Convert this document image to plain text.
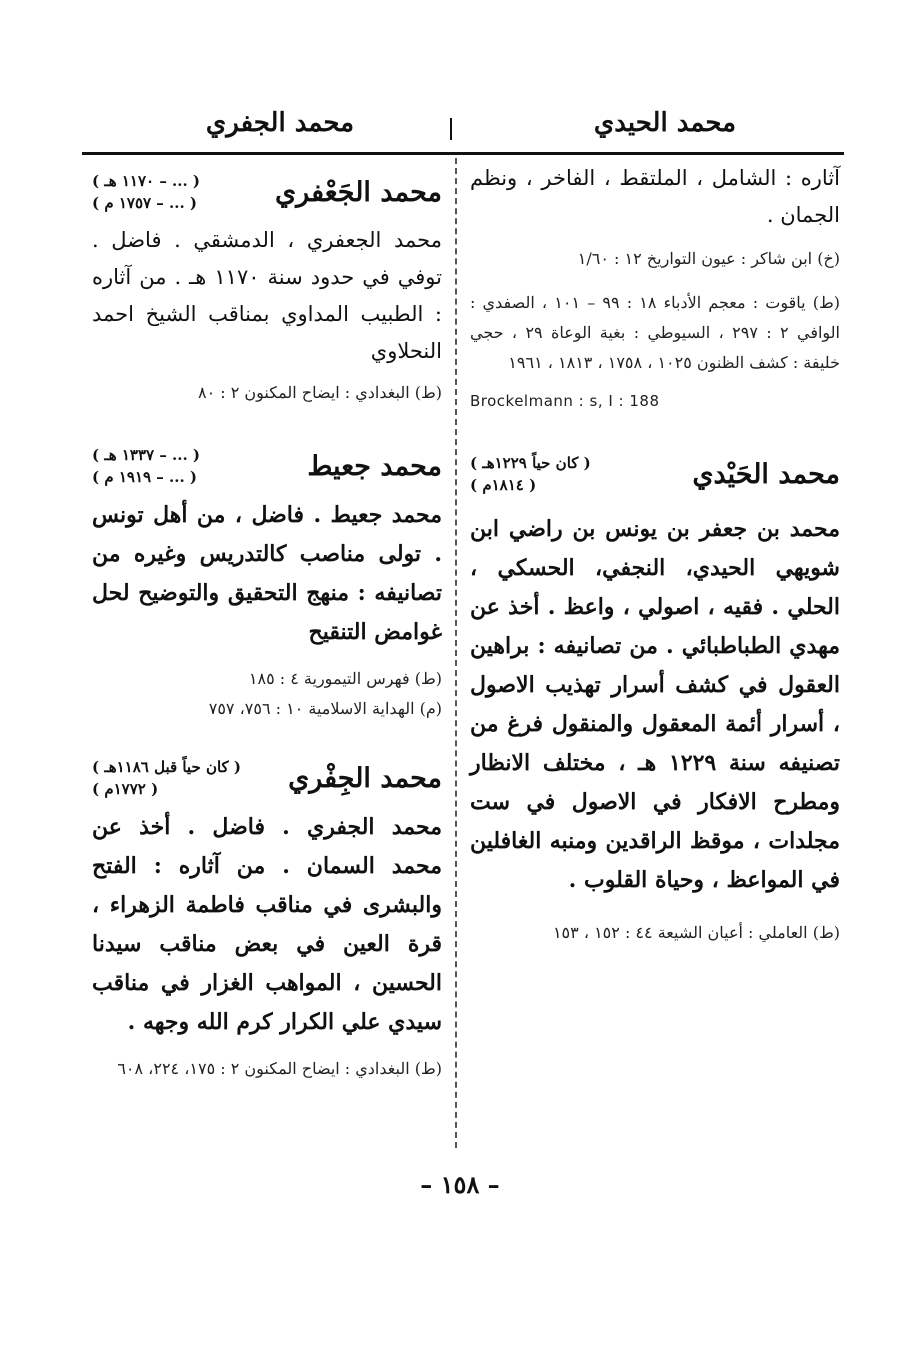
محمد الجفري	محمد الحيدي

آثاره : الشامل ، الملتقط ، الفاخر ، ونظم الجمان .

(خ) ابن شاكر : عيون التواريخ ١٢ : ١/٦٠

(ط) ياقوت : معجم الأدباء ١٨ : ٩٩ – ١٠١ ، الصفدي : الوافي ٢ : ٢٩٧ ، السيوطي : بغية الوعاة ٢٩ ، حجي خليفة : كشف الظنون ١٠٢٥ ، ١٧٥٨ ، ١٨١٣ ، ١٩٦١

Brockelmann : s, I : 188

محمد الحَيْدي
( كان حياً ١٢٢٩هـ )
( ١٨١٤م )

محمد بن جعفر بن يونس بن راضي ابن شويهي الحيدي، النجفي، الحسكي ، الحلي . فقيه ، اصولي ، واعظ . أخذ عن مهدي الطباطبائي . من تصانيفه : براهين العقول في كشف أسرار تهذيب الاصول ، أسرار أئمة المعقول والمنقول فرغ من تصنيفه سنة ١٢٢٩ هـ ، مختلف الانظار ومطرح الافكار في الاصول في ست مجلدات ، موقظ الراقدين ومنبه الغافلين في المواعظ ، وحياة القلوب .

(ط) العاملي : أعيان الشيعة ٤٤ : ١٥٢ ، ١٥٣

محمد الجَعْفري
( ... – ١١٧٠ هـ )
( ... – ١٧٥٧ م )

محمد الجعفري ، الدمشقي . فاضل . توفي في حدود سنة ١١٧٠ هـ . من آثاره : الطبيب المداوي بمناقب الشيخ احمد النحلاوي

(ط) البغدادي : ايضاح المكنون ٢ : ٨٠

محمد جعيط
( ... – ١٣٣٧ هـ )
( ... – ١٩١٩ م )

محمد جعيط . فاضل ، من أهل تونس . تولى مناصب كالتدريس وغيره من تصانيفه : منهج التحقيق والتوضيح لحل غوامض التنقيح

(ط) فهرس التيمورية ٤ : ١٨٥

(م) الهداية الاسلامية ١٠ : ٧٥٦، ٧٥٧

محمد الجِفْري
( كان حياً قبل ١١٨٦هـ )
( ١٧٧٢م )

محمد الجفري . فاضل . أخذ عن محمد السمان . من آثاره : الفتح والبشرى في مناقب فاطمة الزهراء ، قرة العين في بعض مناقب سيدنا الحسين ، المواهب الغزار في مناقب سيدي علي الكرار كرم الله وجهه .

(ط) البغدادي : ايضاح المكنون ٢ : ١٧٥، ٢٢٤، ٦٠٨

– ١٥٨ –
